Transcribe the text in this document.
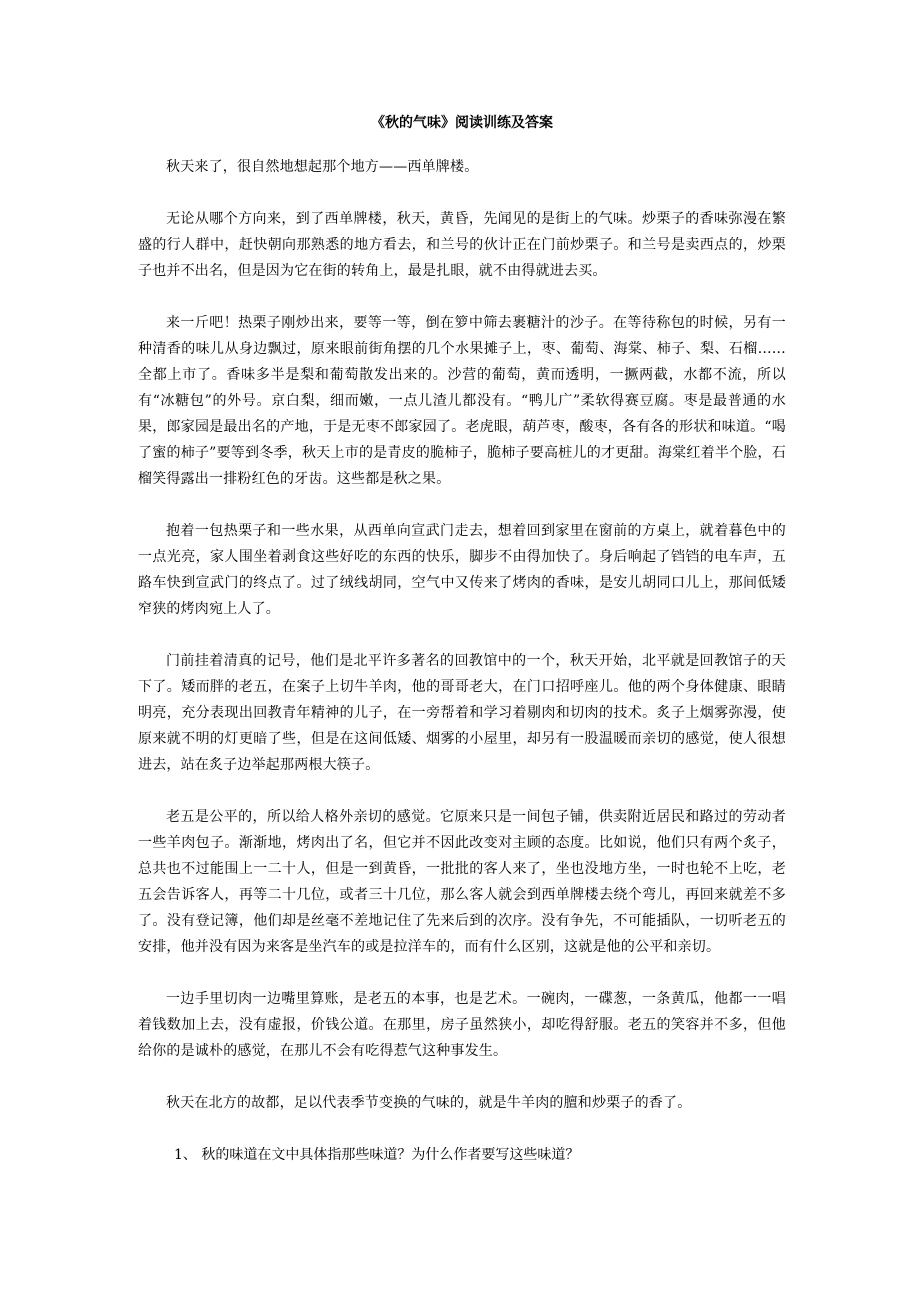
《秋的气味》阅读训练及答案

秋天来了，很自然地想起那个地方——西单牌楼。

无论从哪个方向来，到了西单牌楼，秋天，黄昏，先闻见的是街上的气味。炒栗子的香味弥漫在繁盛的行人群中，赶快朝向那熟悉的地方看去，和兰号的伙计正在门前炒栗子。和兰号是卖西点的，炒栗子也并不出名，但是因为它在街的转角上，最是扎眼，就不由得就进去买。

来一斤吧！热栗子刚炒出来，要等一等，倒在箩中筛去裹糖汁的沙子。在等待称包的时候，另有一种清香的味儿从身边飘过，原来眼前街角摆的几个水果摊子上，枣、葡萄、海棠、柿子、梨、石榴……全都上市了。香味多半是梨和葡萄散发出来的。沙营的葡萄，黄而透明，一撅两截，水都不流，所以有“冰糖包”的外号。京白梨，细而嫩，一点儿渣儿都没有。“鸭儿广”柔软得赛豆腐。枣是最普通的水果，郎家园是最出名的产地，于是无枣不郎家园了。老虎眼，葫芦枣，酸枣，各有各的形状和味道。“喝了蜜的柿子”要等到冬季，秋天上市的是青皮的脆柿子，脆柿子要高桩儿的才更甜。海棠红着半个脸，石榴笑得露出一排粉红色的牙齿。这些都是秋之果。

抱着一包热栗子和一些水果，从西单向宣武门走去，想着回到家里在窗前的方桌上，就着暮色中的一点光亮，家人围坐着剥食这些好吃的东西的快乐，脚步不由得加快了。身后响起了铛铛的电车声，五路车快到宣武门的终点了。过了绒线胡同，空气中又传来了烤肉的香味，是安儿胡同口儿上，那间低矮窄狭的烤肉宛上人了。

门前挂着清真的记号，他们是北平许多著名的回教馆中的一个，秋天开始，北平就是回教馆子的天下了。矮而胖的老五，在案子上切牛羊肉，他的哥哥老大，在门口招呼座儿。他的两个身体健康、眼睛明亮，充分表现出回教青年精神的儿子，在一旁帮着和学习着剔肉和切肉的技术。炙子上烟雾弥漫，使原来就不明的灯更暗了些，但是在这间低矮、烟雾的小屋里，却另有一股温暖而亲切的感觉，使人很想进去，站在炙子边举起那两根大筷子。

老五是公平的，所以给人格外亲切的感觉。它原来只是一间包子铺，供卖附近居民和路过的劳动者一些羊肉包子。渐渐地，烤肉出了名，但它并不因此改变对主顾的态度。比如说，他们只有两个炙子，总共也不过能围上一二十人，但是一到黄昏，一批批的客人来了，坐也没地方坐，一时也轮不上吃，老五会告诉客人，再等二十几位，或者三十几位，那么客人就会到西单牌楼去绕个弯儿，再回来就差不多了。没有登记簿，他们却是丝毫不差地记住了先来后到的次序。没有争先，不可能插队，一切听老五的安排，他并没有因为来客是坐汽车的或是拉洋车的，而有什么区别，这就是他的公平和亲切。

一边手里切肉一边嘴里算账，是老五的本事，也是艺术。一碗肉，一碟葱，一条黄瓜，他都一一唱着钱数加上去，没有虚报，价钱公道。在那里，房子虽然狭小，却吃得舒服。老五的笑容并不多，但他给你的是诚朴的感觉，在那儿不会有吃得惹气这种事发生。

秋天在北方的故都，足以代表季节变换的气味的，就是牛羊肉的膻和炒栗子的香了。

1、 秋的味道在文中具体指那些味道？为什么作者要写这些味道？
